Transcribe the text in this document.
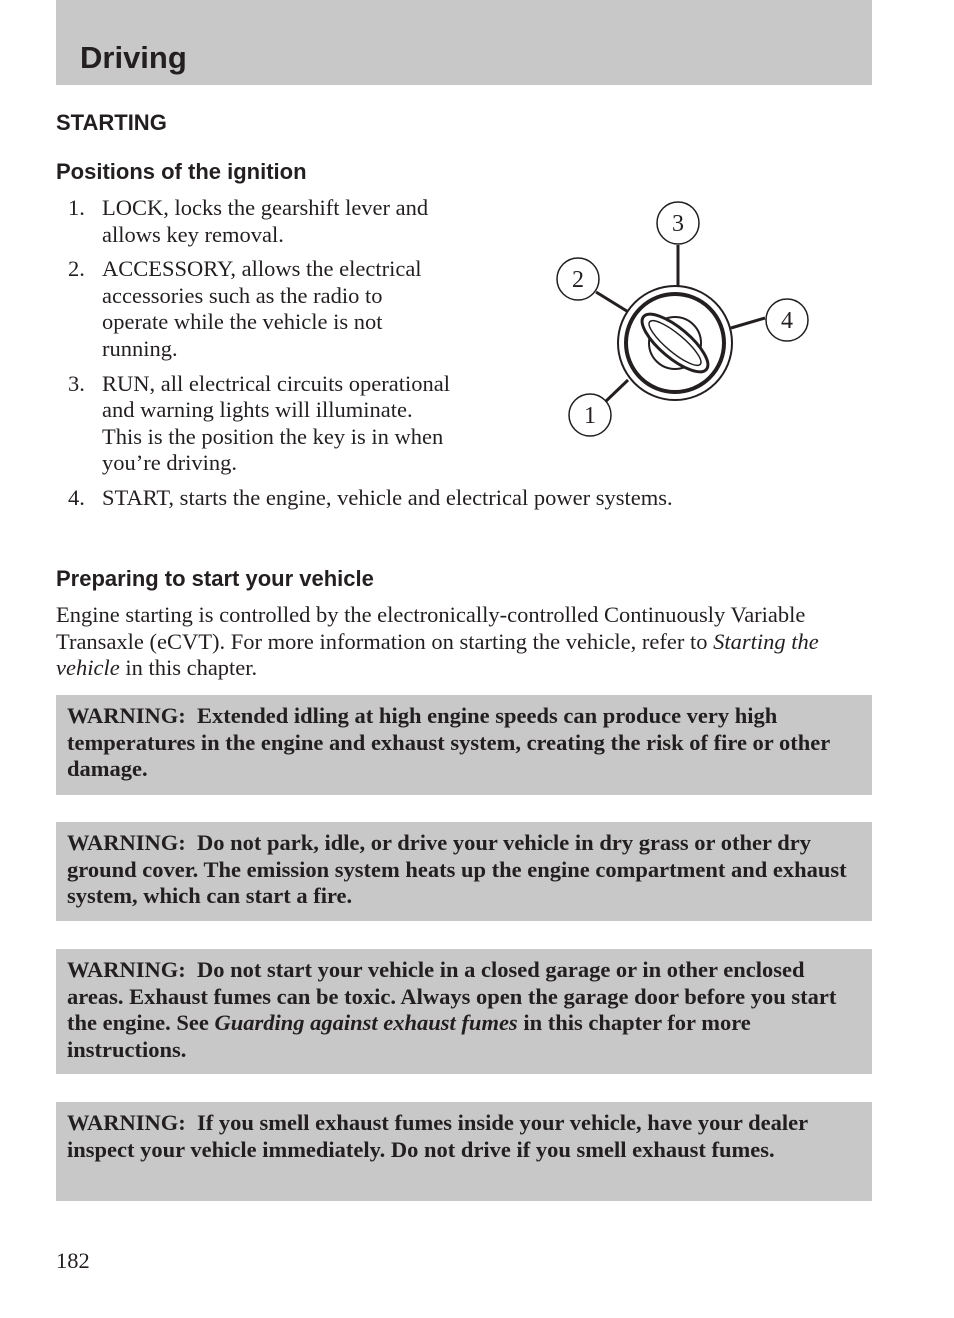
Driving
STARTING
Positions of the ignition
1. LOCK, locks the gearshift lever and allows key removal.
2. ACCESSORY, allows the electrical accessories such as the radio to operate while the vehicle is not running.
3. RUN, all electrical circuits operational and warning lights will illuminate. This is the position the key is in when you’re driving.
4. START, starts the engine, vehicle and electrical power systems.
3
2
4
1
Preparing to start your vehicle
Engine starting is controlled by the electronically-controlled Continuously Variable Transaxle (eCVT). For more information on starting the vehicle, refer to Starting the vehicle in this chapter.
WARNING: Extended idling at high engine speeds can produce very high temperatures in the engine and exhaust system, creating the risk of fire or other damage.
WARNING: Do not park, idle, or drive your vehicle in dry grass or other dry ground cover. The emission system heats up the engine compartment and exhaust system, which can start a fire.
WARNING: Do not start your vehicle in a closed garage or in other enclosed areas. Exhaust fumes can be toxic. Always open the garage door before you start the engine. See Guarding against exhaust fumes in this chapter for more instructions.
WARNING: If you smell exhaust fumes inside your vehicle, have your dealer inspect your vehicle immediately. Do not drive if you smell exhaust fumes.
182
